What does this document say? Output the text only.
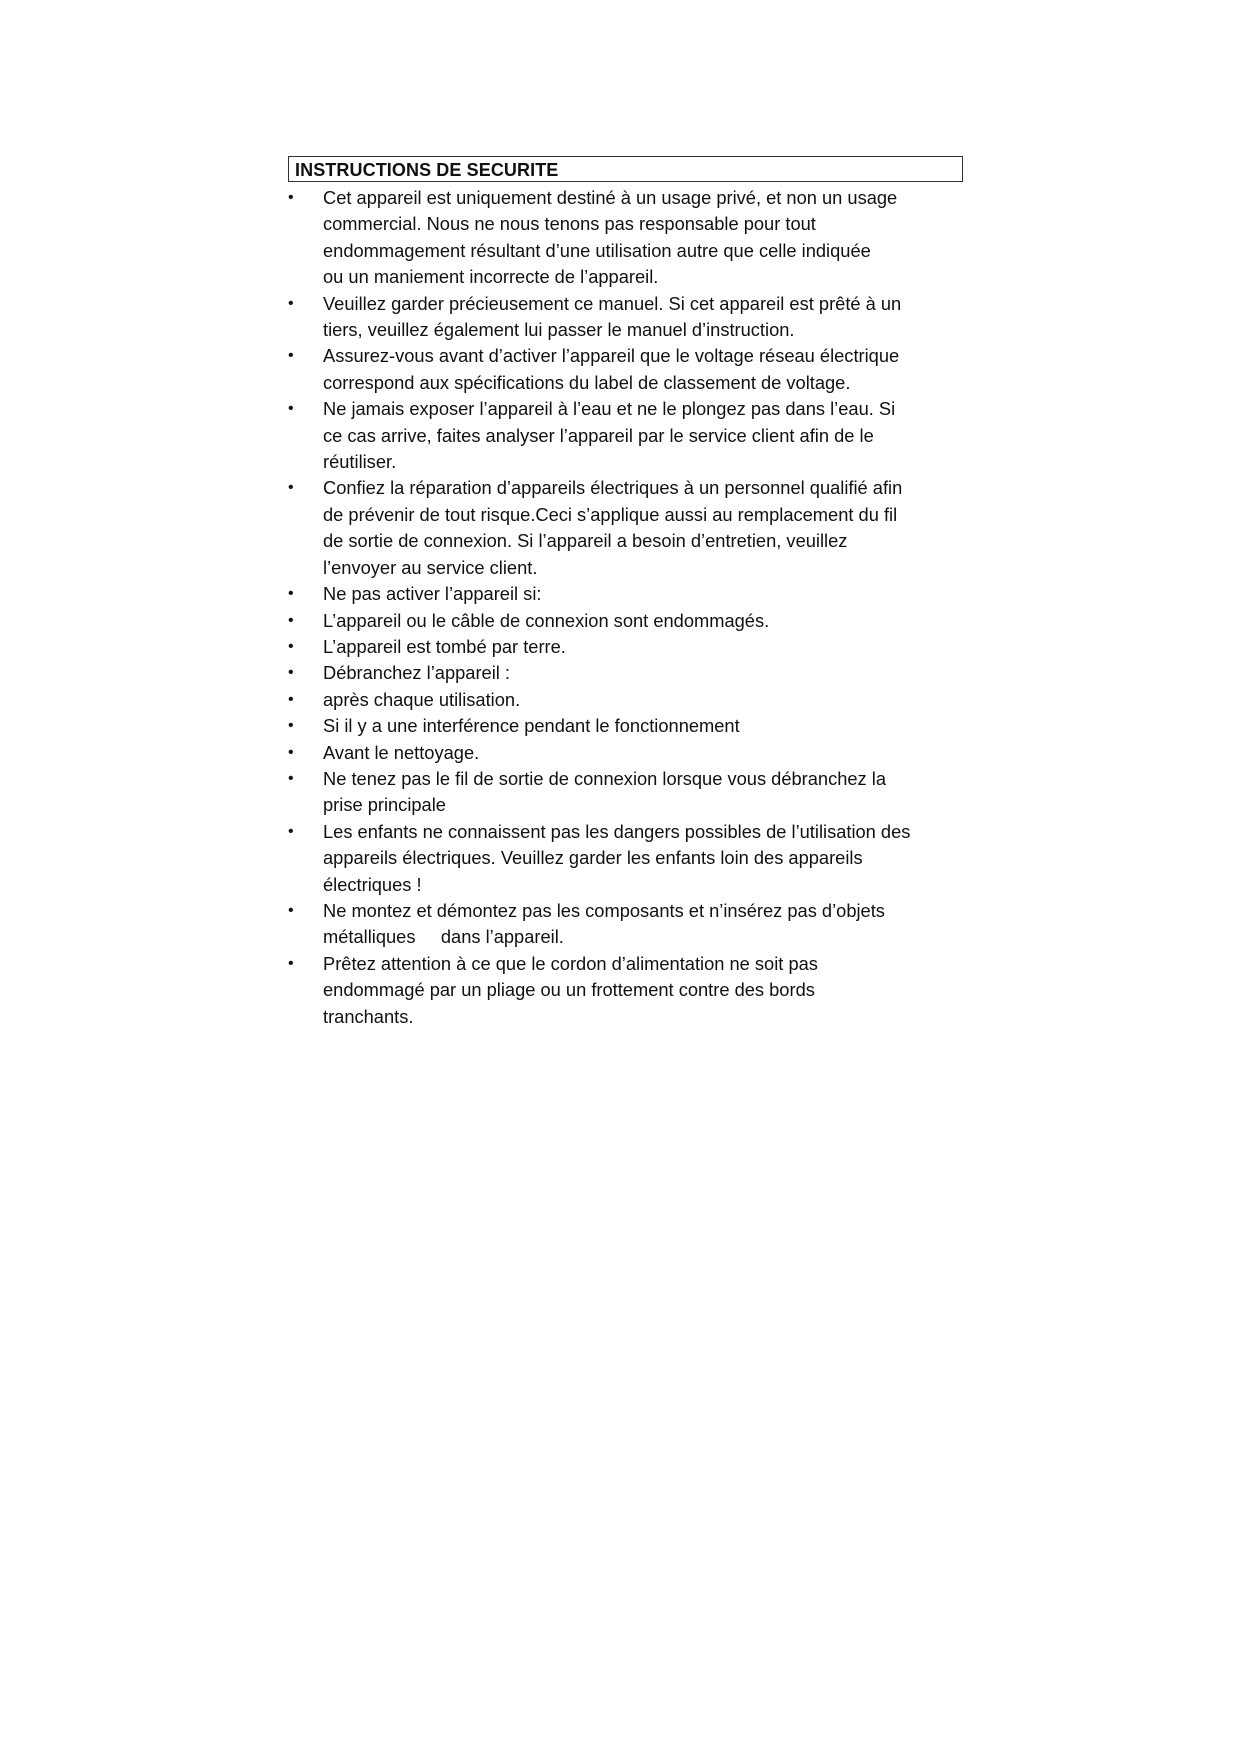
INSTRUCTIONS DE SECURITE
• Cet appareil est uniquement destiné à un usage privé, et non un usage
commercial. Nous ne nous tenons pas responsable pour tout
endommagement résultant d’une utilisation autre que celle indiquée
ou un maniement incorrecte de l’appareil.
• Veuillez garder précieusement ce manuel. Si cet appareil est prêté à un
tiers, veuillez également lui passer le manuel d’instruction.
• Assurez-vous avant d’activer l’appareil que le voltage réseau électrique
correspond aux spécifications du label de classement de voltage.
• Ne jamais exposer l’appareil à l’eau et ne le plongez pas dans l’eau. Si
ce cas arrive, faites analyser l’appareil par le service client afin de le
réutiliser.
• Confiez la réparation d’appareils électriques à un personnel qualifié afin
de prévenir de tout risque.Ceci s’applique aussi au remplacement du fil
de sortie de connexion. Si l’appareil a besoin d’entretien, veuillez
l’envoyer au service client.
• Ne pas activer l’appareil si:
• L’appareil ou le câble de connexion sont endommagés.
• L’appareil est tombé par terre.
• Débranchez l’appareil :
• après chaque utilisation.
• Si il y a une interférence pendant le fonctionnement
• Avant le nettoyage.
• Ne tenez pas le fil de sortie de connexion lorsque vous débranchez la
prise principale
• Les enfants ne connaissent pas les dangers possibles de l’utilisation des
appareils électriques. Veuillez garder les enfants loin des appareils
électriques !
• Ne montez et démontez pas les composants et n’insérez pas d’objets
métalliques     dans l’appareil.
• Prêtez attention à ce que le cordon d’alimentation ne soit pas
endommagé par un pliage ou un frottement contre des bords
tranchants.
